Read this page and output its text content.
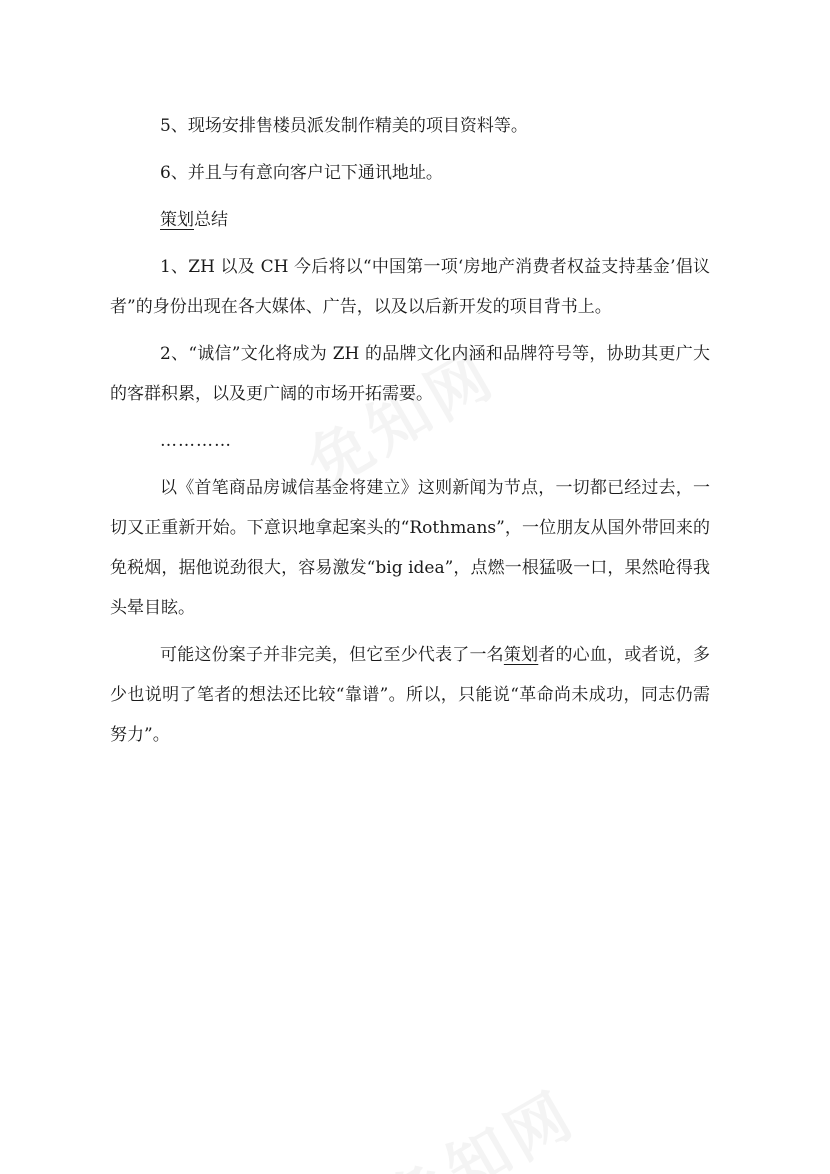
5、现场安排售楼员派发制作精美的项目资料等。

6、并且与有意向客户记下通讯地址。

策划总结

1、ZH 以及 CH 今后将以“中国第一项‘房地产消费者权益支持基金’倡议者”的身份出现在各大媒体、广告，以及以后新开发的项目背书上。

2、“诚信”文化将成为 ZH 的品牌文化内涵和品牌符号等，协助其更广大的客群积累，以及更广阔的市场开拓需要。

…………

以《首笔商品房诚信基金将建立》这则新闻为节点，一切都已经过去，一切又正重新开始。下意识地拿起案头的“Rothmans”，一位朋友从国外带回来的免税烟，据他说劲很大，容易激发“big idea”，点燃一根猛吸一口，果然呛得我头晕目眩。

可能这份案子并非完美，但它至少代表了一名策划者的心血，或者说，多少也说明了笔者的想法还比较“靠谱”。所以，只能说“革命尚未成功，同志仍需努力”。
